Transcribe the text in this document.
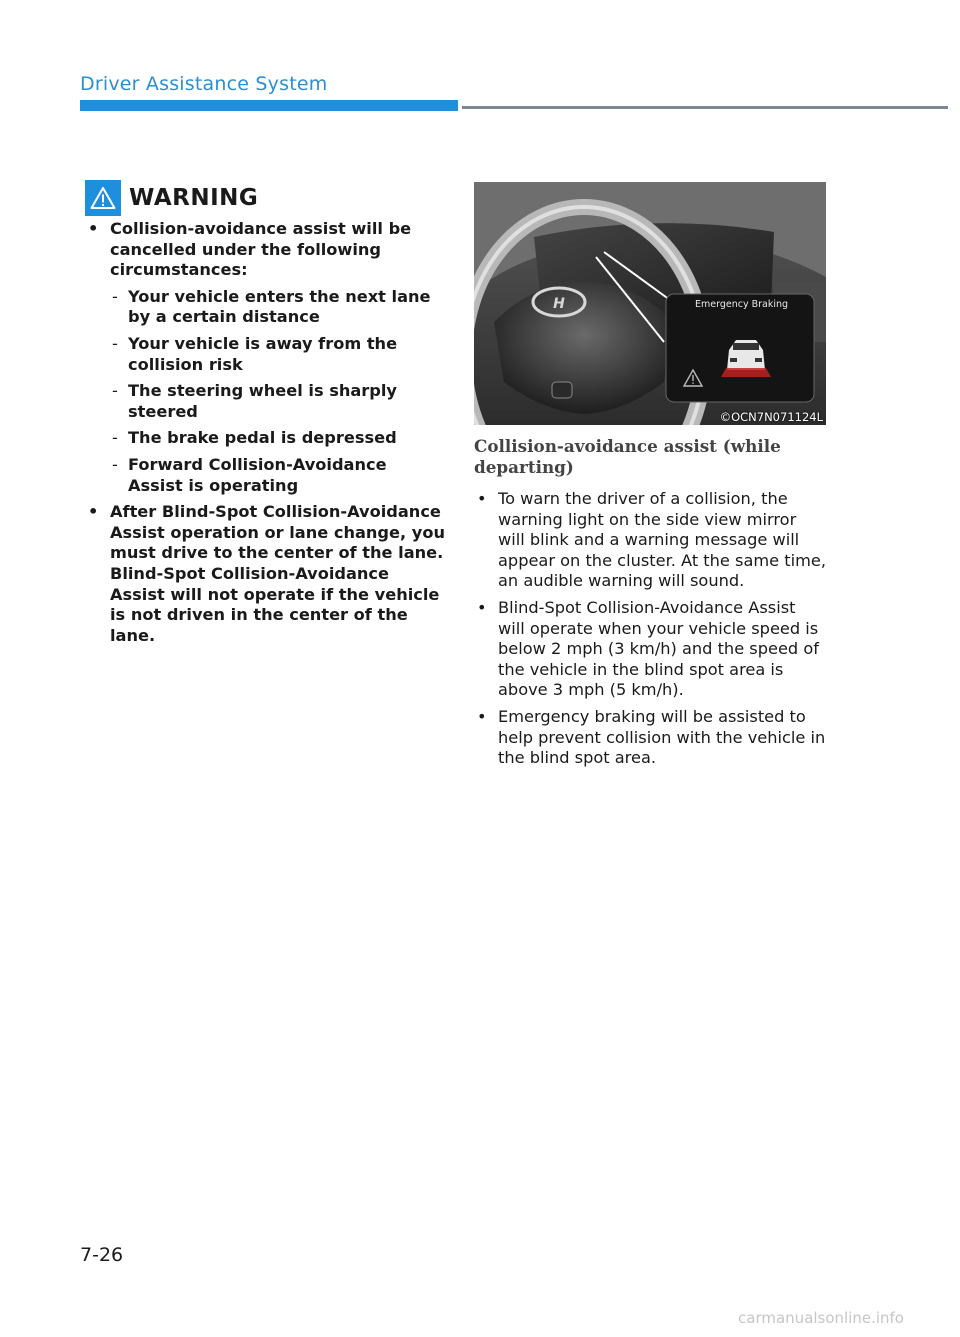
Driver Assistance System
WARNING
• Collision-avoidance assist will be cancelled under the following circumstances:
- Your vehicle enters the next lane by a certain distance
- Your vehicle is away from the collision risk
- The steering wheel is sharply steered
- The brake pedal is depressed
- Forward Collision-Avoidance Assist is operating
• After Blind-Spot Collision-Avoidance Assist operation or lane change, you must drive to the center of the lane. Blind-Spot Collision-Avoidance Assist will not operate if the vehicle is not driven in the center of the lane.
H	Emergency Braking
©OCN7N071124L
Collision-avoidance assist (while departing)
• To warn the driver of a collision, the warning light on the side view mirror will blink and a warning message will appear on the cluster. At the same time, an audible warning will sound.
• Blind-Spot Collision-Avoidance Assist will operate when your vehicle speed is below 2 mph (3 km/h) and the speed of the vehicle in the blind spot area is above 3 mph (5 km/h).
• Emergency braking will be assisted to help prevent collision with the vehicle in the blind spot area.
7-26
carmanualsonline.info
